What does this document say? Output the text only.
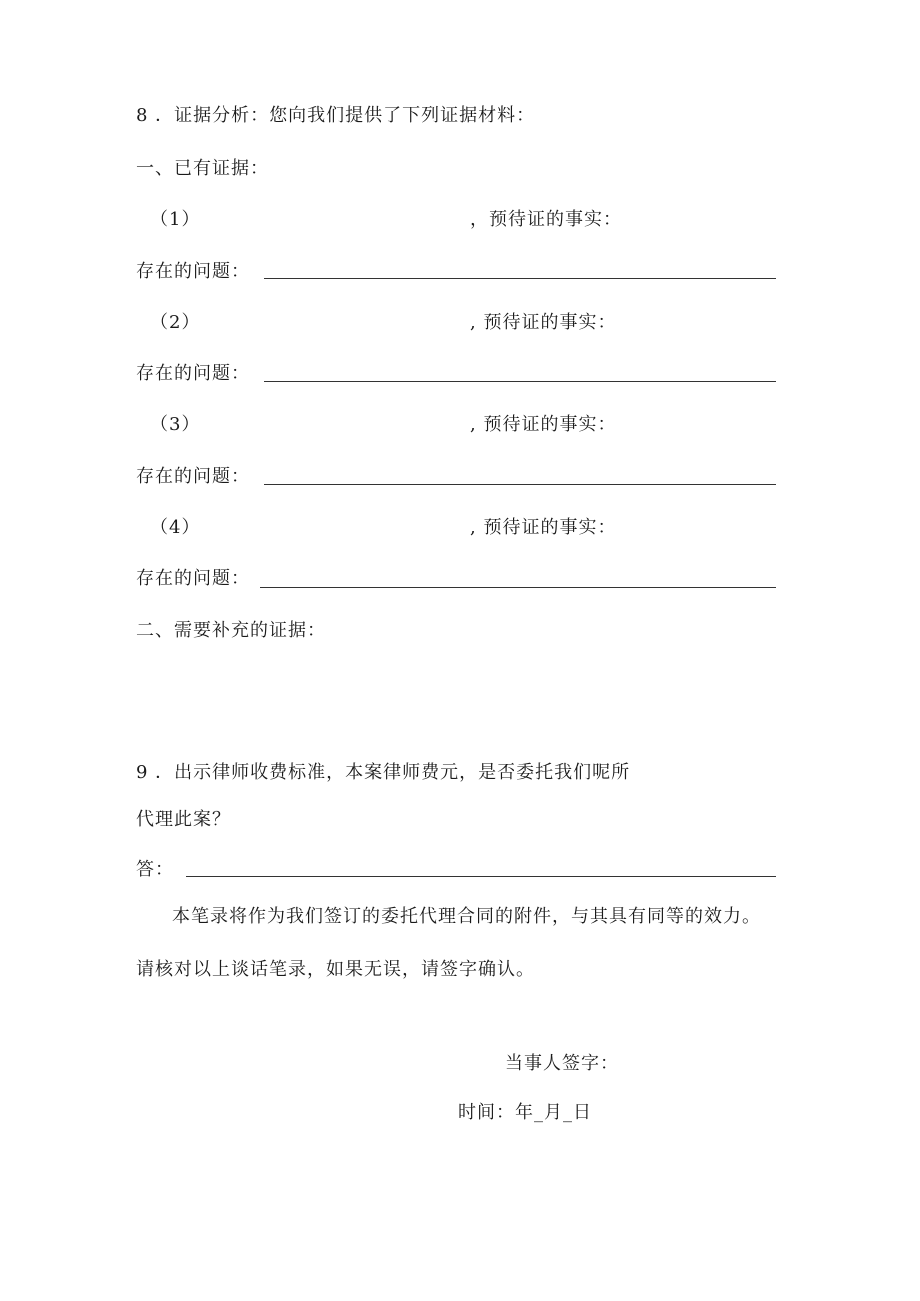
8 ．证据分析：您向我们提供了下列证据材料：
一、已有证据：
（1）	，预待证的事实：
存在的问题：
（2）	, 预待证的事实：
存在的问题：
（3）	, 预待证的事实：
存在的问题：
（4）	, 预待证的事实：
存在的问题：
二、需要补充的证据：
9 ．出示律师收费标准，本案律师费元，是否委托我们呢所
代理此案？
答：
本笔录将作为我们签订的委托代理合同的附件，与其具有同等的效力。
请核对以上谈话笔录，如果无误，请签字确认。
当事人签字：
时间：年_月_日
